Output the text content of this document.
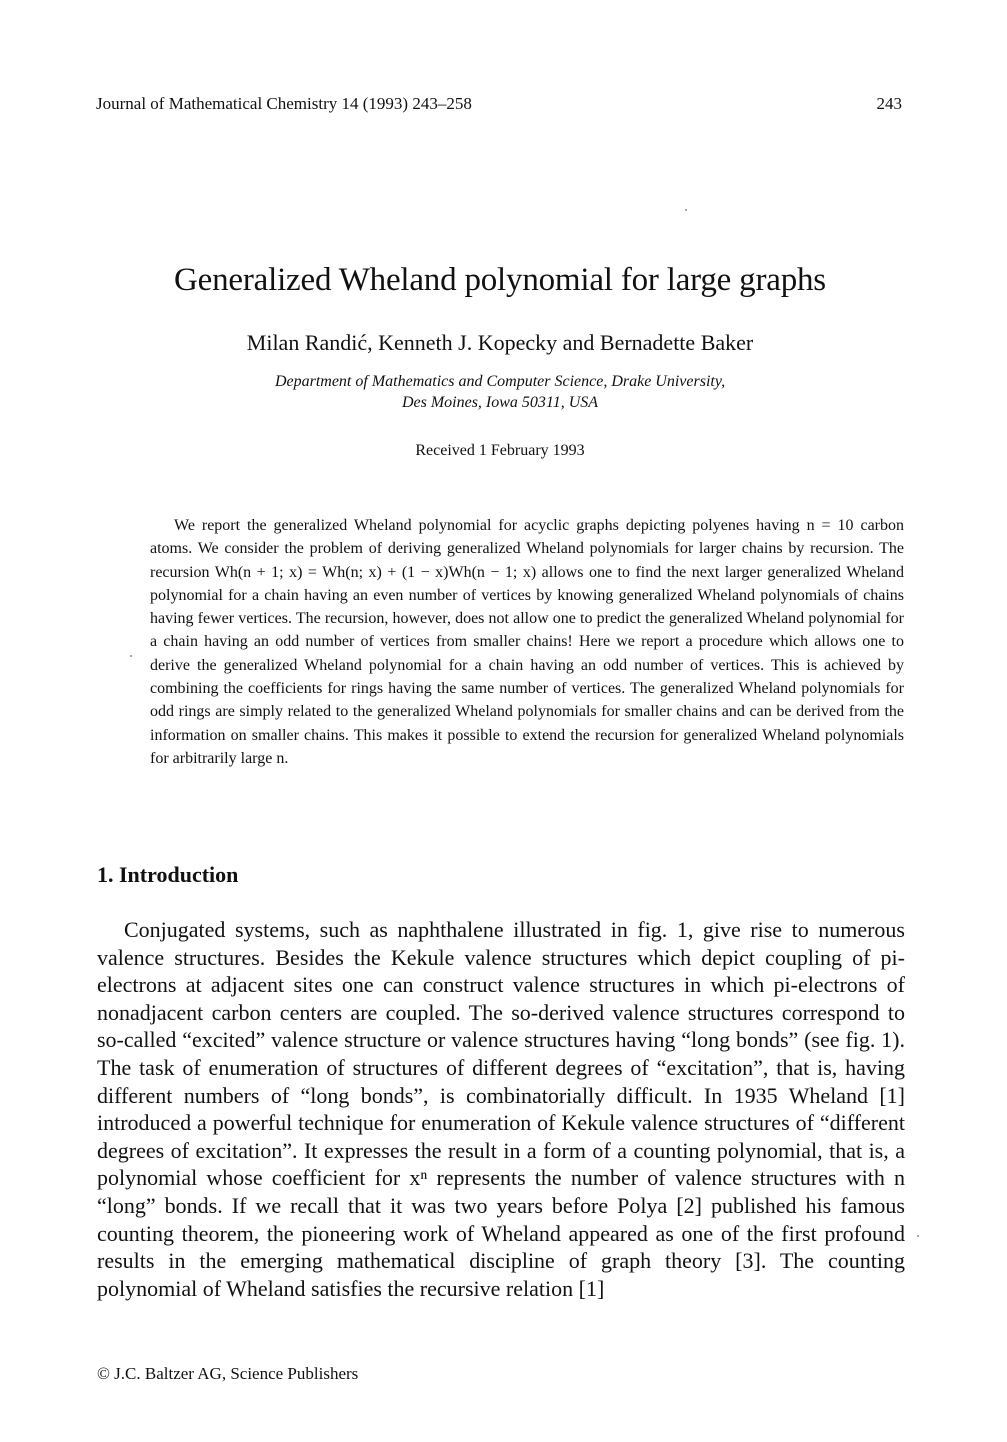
Journal of Mathematical Chemistry 14 (1993) 243–258	243
Generalized Wheland polynomial for large graphs
Milan Randić, Kenneth J. Kopecky and Bernadette Baker
Department of Mathematics and Computer Science, Drake University,
Des Moines, Iowa 50311, USA
Received 1 February 1993

We report the generalized Wheland polynomial for acyclic graphs depicting polyenes having n = 10 carbon atoms. We consider the problem of deriving generalized Wheland polynomials for larger chains by recursion. The recursion Wh(n + 1; x) = Wh(n; x) + (1 − x)Wh(n − 1; x) allows one to find the next larger generalized Wheland polynomial for a chain having an even number of vertices by knowing generalized Wheland polynomials of chains having fewer vertices. The recursion, however, does not allow one to predict the generalized Wheland polynomial for a chain having an odd number of vertices from smaller chains! Here we report a procedure which allows one to derive the generalized Wheland polynomial for a chain having an odd number of vertices. This is achieved by combining the coefficients for rings having the same number of vertices. The generalized Wheland polynomials for odd rings are simply related to the generalized Wheland polynomials for smaller chains and can be derived from the information on smaller chains. This makes it possible to extend the recursion for generalized Wheland polynomials for arbitrarily large n.

1. Introduction

Conjugated systems, such as naphthalene illustrated in fig. 1, give rise to numerous valence structures. Besides the Kekule valence structures which depict coupling of pi-electrons at adjacent sites one can construct valence structures in which pi-electrons of nonadjacent carbon centers are coupled. The so-derived valence structures correspond to so-called “excited” valence structure or valence structures having “long bonds” (see fig. 1). The task of enumeration of structures of different degrees of “excitation”, that is, having different numbers of “long bonds”, is combinatorially difficult. In 1935 Wheland [1] introduced a powerful technique for enumeration of Kekule valence structures of “different degrees of excitation”. It expresses the result in a form of a counting polynomial, that is, a polynomial whose coefficient for xⁿ represents the number of valence structures with n “long” bonds. If we recall that it was two years before Polya [2] published his famous counting theorem, the pioneering work of Wheland appeared as one of the first profound results in the emerging mathematical discipline of graph theory [3]. The counting polynomial of Wheland satisfies the recursive relation [1]

© J.C. Baltzer AG, Science Publishers
